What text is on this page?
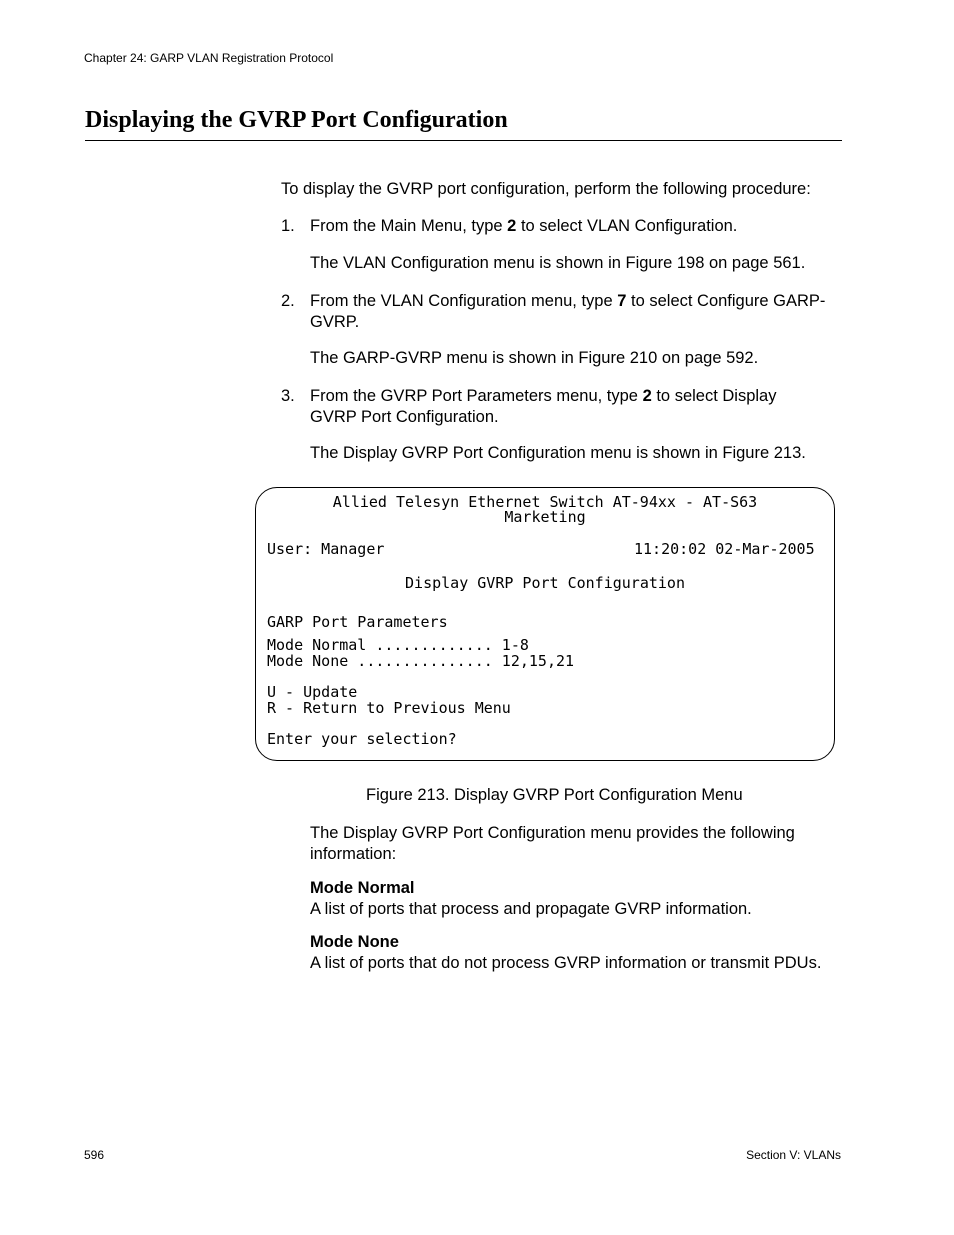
Chapter 24: GARP VLAN Registration Protocol
Displaying the GVRP Port Configuration
To display the GVRP port configuration, perform the following procedure:
1. From the Main Menu, type 2 to select VLAN Configuration.
The VLAN Configuration menu is shown in Figure 198 on page 561.
2. From the VLAN Configuration menu, type 7 to select Configure GARP-GVRP.
The GARP-GVRP menu is shown in Figure 210 on page 592.
3. From the GVRP Port Parameters menu, type 2 to select Display GVRP Port Configuration.
The Display GVRP Port Configuration menu is shown in Figure 213.
Allied Telesyn Ethernet Switch AT-94xx - AT-S63
Marketing
User: Manager	11:20:02 02-Mar-2005
Display GVRP Port Configuration
GARP Port Parameters
Mode Normal ............. 1-8
Mode None ............... 12,15,21
U - Update
R - Return to Previous Menu
Enter your selection?
Figure 213. Display GVRP Port Configuration Menu
The Display GVRP Port Configuration menu provides the following information:
Mode Normal
A list of ports that process and propagate GVRP information.
Mode None
A list of ports that do not process GVRP information or transmit PDUs.
596	Section V: VLANs
